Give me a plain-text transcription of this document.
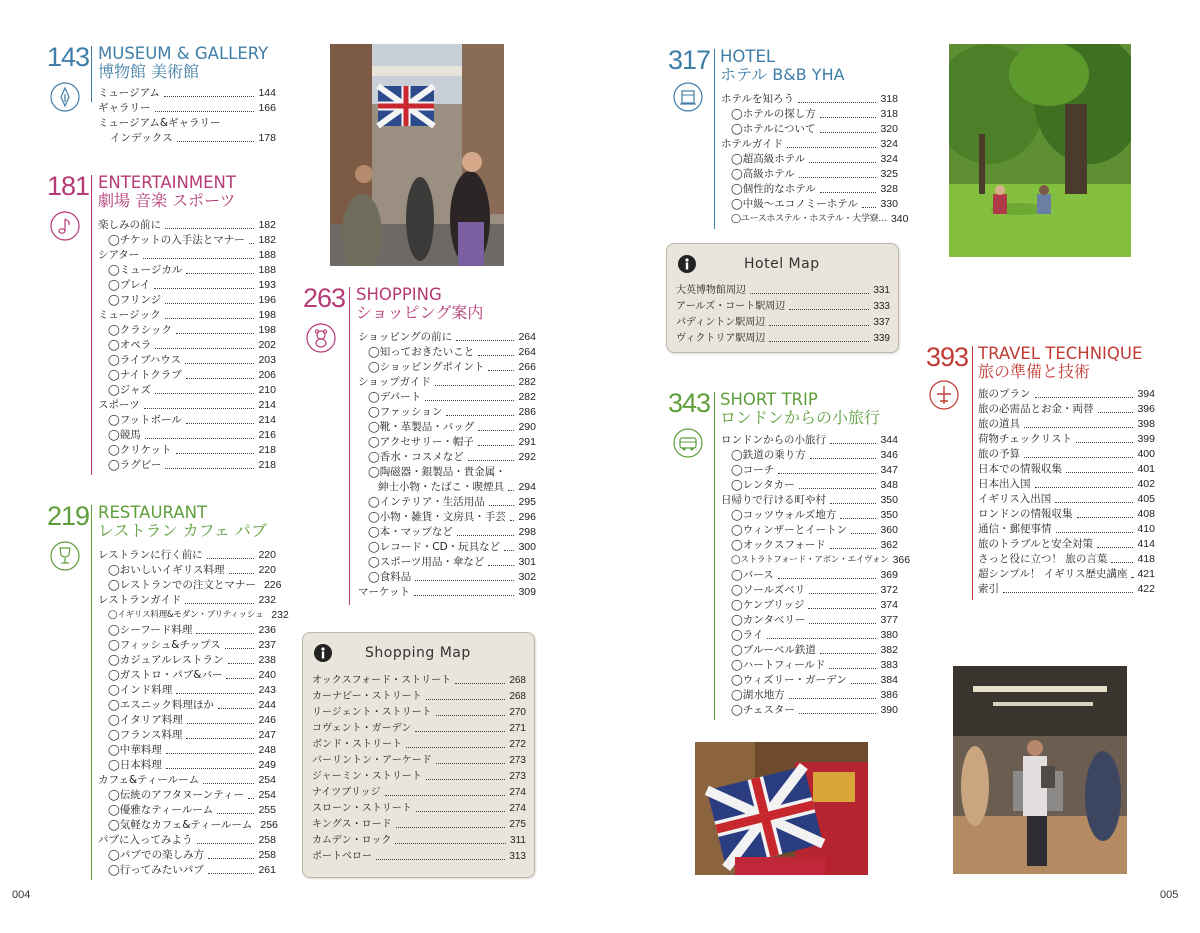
143 MUSEUM & GALLERY
博物館 美術館
ミュージアム	144
ギャラリー	166
ミュージアム&ギャラリー
インデックス	178
181 ENTERTAINMENT
劇場 音楽 スポーツ
楽しみの前に	182
◯チケットの入手法とマナー 182
シアター	188
◯ミュージカル	188
◯プレイ	193
◯フリンジ	196
ミュージック	198
◯クラシック	198
◯オペラ	202
◯ライブハウス	203
◯ナイトクラブ	206
◯ジャズ	210
スポーツ	214
◯フットボール	214
◯競馬	216
◯クリケット	218
◯ラグビー	218
219 RESTAURANT
レストラン カフェ パブ
レストランに行く前に	220
◯おいしいイギリス料理	220
◯レストランでの注文とマナー 226
レストランガイド	232
◯イギリス料理&モダン・ブリティッシュ 232
◯シーフード料理	236
◯フィッシュ&チップス	237
◯カジュアルレストラン	238
◯ガストロ・パブ&バー	240
◯インド料理	243
◯エスニック料理ほか	244
◯イタリア料理	246
◯フランス料理	247
◯中華料理	248
◯日本料理	249
カフェ&ティールーム	254
◯伝統のアフタヌーンティー 254
◯優雅なティールーム	255
◯気軽なカフェ&ティールーム 256
パブに入ってみよう	258
◯パブでの楽しみ方	258
◯行ってみたいパブ	261
263 SHOPPING
ショッピング案内
ショッピングの前に	264
◯知っておきたいこと	264
◯ショッピングポイント	266
ショップガイド	282
◯デパート	282
◯ファッション	286
◯靴・革製品・バッグ	290
◯アクセサリー・帽子	291
◯香水・コスメなど	292
◯陶磁器・銀製品・貴金属・
紳士小物・たばこ・喫煙具 294
◯インテリア・生活用品	295
◯小物・雑貨・文房具・手芸 296
◯本・マップなど	298
◯レコード・CD・玩具など 300
◯スポーツ用品・傘など	301
◯食料品	302
マーケット	309
Shopping Map
オックスフォード・ストリート	268
カーナビー・ストリート	268
リージェント・ストリート	270
コヴェント・ガーデン	271
ボンド・ストリート	272
バーリントン・アーケード	273
ジャーミン・ストリート	273
ナイツブリッジ	274
スローン・ストリート	274
キングス・ロード	275
カムデン・ロック	311
ポートベロー	313
004
317 HOTEL
ホテル B&B YHA
ホテルを知ろう	318
◯ホテルの探し方	318
◯ホテルについて	320
ホテルガイド	324
◯超高級ホテル	324
◯高級ホテル	325
◯個性的なホテル	328
◯中級〜エコノミーホテル 330
◯ユースホステル・ホステル・大学寮… 340
Hotel Map
大英博物館周辺	331
アールズ・コート駅周辺	333
パディントン駅周辺	337
ヴィクトリア駅周辺	339
343 SHORT TRIP
ロンドンからの小旅行
ロンドンからの小旅行	344
◯鉄道の乗り方	346
◯コーチ	347
◯レンタカー	348
日帰りで行ける町や村	350
◯コッツウォルズ地方	350
◯ウィンザーとイートン	360
◯オックスフォード	362
◯ストラトフォード・アポン・エイヴォン 366
◯バース	369
◯ソールズベリ	372
◯ケンブリッジ	374
◯カンタベリー	377
◯ライ	380
◯ブルーベル鉄道	382
◯ハートフィールド	383
◯ウィズリー・ガーデン	384
◯湖水地方	386
◯チェスター	390
393 TRAVEL TECHNIQUE
旅の準備と技術
旅のプラン	394
旅の必需品とお金・両替	396
旅の道具	398
荷物チェックリスト	399
旅の予算	400
日本での情報収集	401
日本出入国	402
イギリス入出国	405
ロンドンの情報収集	408
通信・郵便事情	410
旅のトラブルと安全対策	414
さっと役に立つ！ 旅の言葉	418
超シンプル！ イギリス歴史講座 421
索引	422
005
